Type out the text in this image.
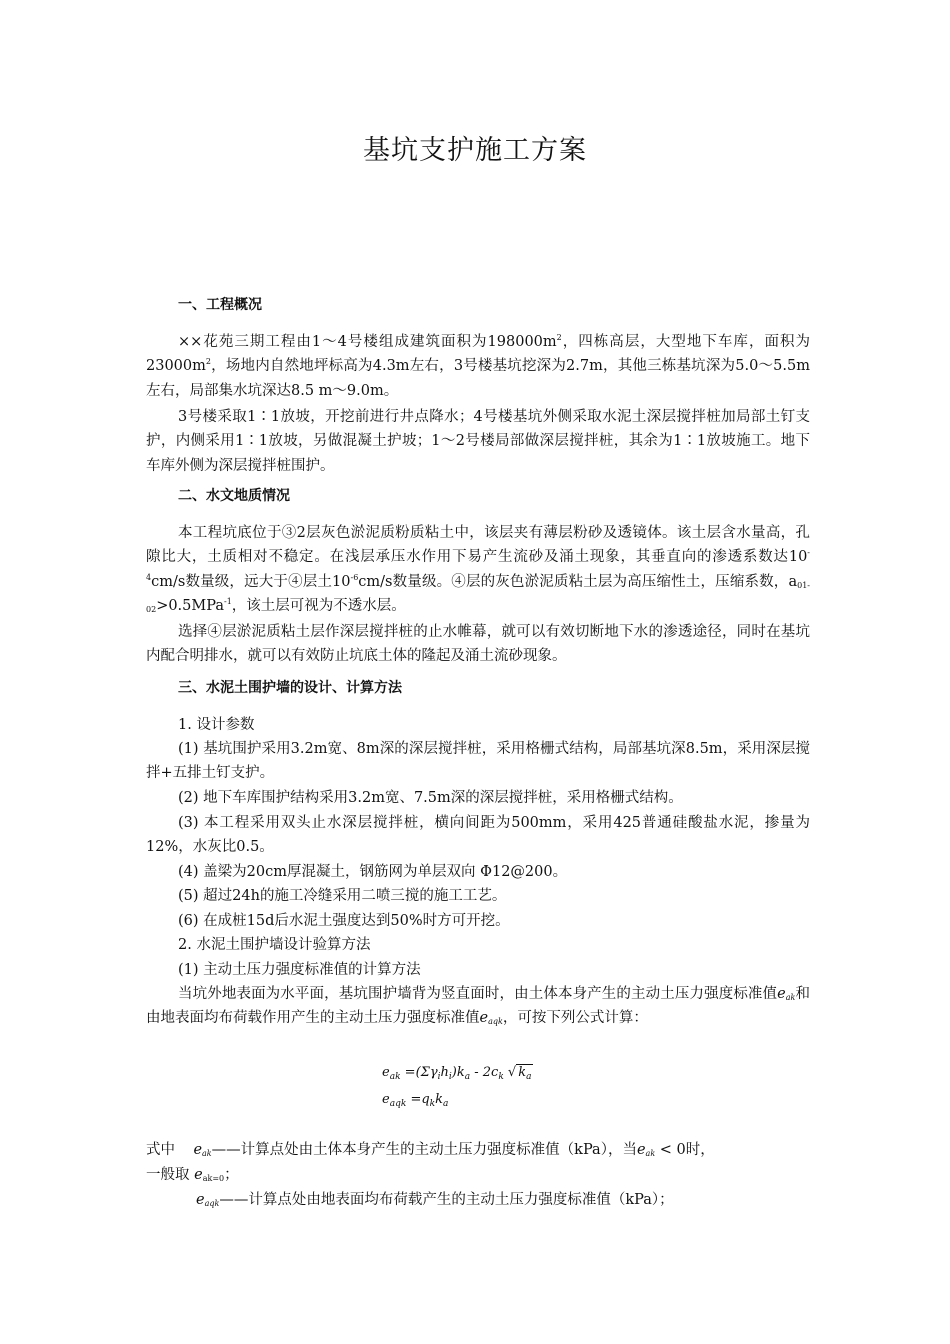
基坑支护施工方案
一、工程概况

××花苑三期工程由1～4号楼组成建筑面积为$198000m^2$，四栋高层，大型地下车库，面积为$23000m^2$，场地内自然地坪标高为4.3m左右，3号楼基坑挖深为2.7m，其他三栋基坑深为5.0～5.5m左右，局部集水坑深达8.5 m～9.0m。

3号楼采取1∶1放坡，开挖前进行井点降水；4号楼基坑外侧采取水泥土深层搅拌桩加局部土钉支护，内侧采用1∶1放坡，另做混凝土护坡；1～2号楼局部做深层搅拌桩，其余为1∶1放坡施工。地下车库外侧为深层搅拌桩围护。

二、水文地质情况

本工程坑底位于③2层灰色淤泥质粉质粘土中，该层夹有薄层粉砂及透镜体。该土层含水量高，孔隙比大，土质相对不稳定。在浅层承压水作用下易产生流砂及涌土现象，其垂直向的渗透系数达$10^{-4}cm/s$数量级，远大于④层土$10^{-6}cm/s$数量级。④层的灰色淤泥质粘土层为高压缩性土，压缩系数，$a_{01-02}>0.5MPa^{-1}$，该土层可视为不透水层。

选择④层淤泥质粘土层作深层搅拌桩的止水帷幕，就可以有效切断地下水的渗透途径，同时在基坑内配合明排水，就可以有效防止坑底土体的隆起及涌土流砂现象。

三、水泥土围护墙的设计、计算方法

1. 设计参数

(1) 基坑围护采用3.2m宽、8m深的深层搅拌桩，采用格栅式结构，局部基坑深8.5m，采用深层搅拌+五排土钉支护。

(2) 地下车库围护结构采用3.2m宽、7.5m深的深层搅拌桩，采用格栅式结构。

(3) 本工程采用双头止水深层搅拌桩，横向间距为500mm，采用425普通硅酸盐水泥，掺量为12%，水灰比0.5。

(4) 盖梁为20cm厚混凝土，钢筋网为单层双向 Φ12@200。

(5) 超过24h的施工冷缝采用二喷三搅的施工工艺。

(6) 在成桩15d后水泥土强度达到50%时方可开挖。

2. 水泥土围护墙设计验算方法

(1) 主动土压力强度标准值的计算方法

当坑外地表面为水平面，基坑围护墙背为竖直面时，由土体本身产生的主动土压力强度标准值$e_{ak}$和由地表面均布荷载作用产生的主动土压力强度标准值$e_{aqk}$，可按下列公式计算：

$e_{ak} =(\Sigma\gamma_ih_i)k_a - 2c_k$ √ $k_a$
$e_{aqk} =q_kk_a$

式中 $e_{ak}——$计算点处由土体本身产生的主动土压力强度标准值（kPa），当$e_{ak} < 0$时，

一般取 $e_{ak=0}$；

$e_{aqk}——$计算点处由地表面均布荷载产生的主动土压力强度标准值（kPa）；
